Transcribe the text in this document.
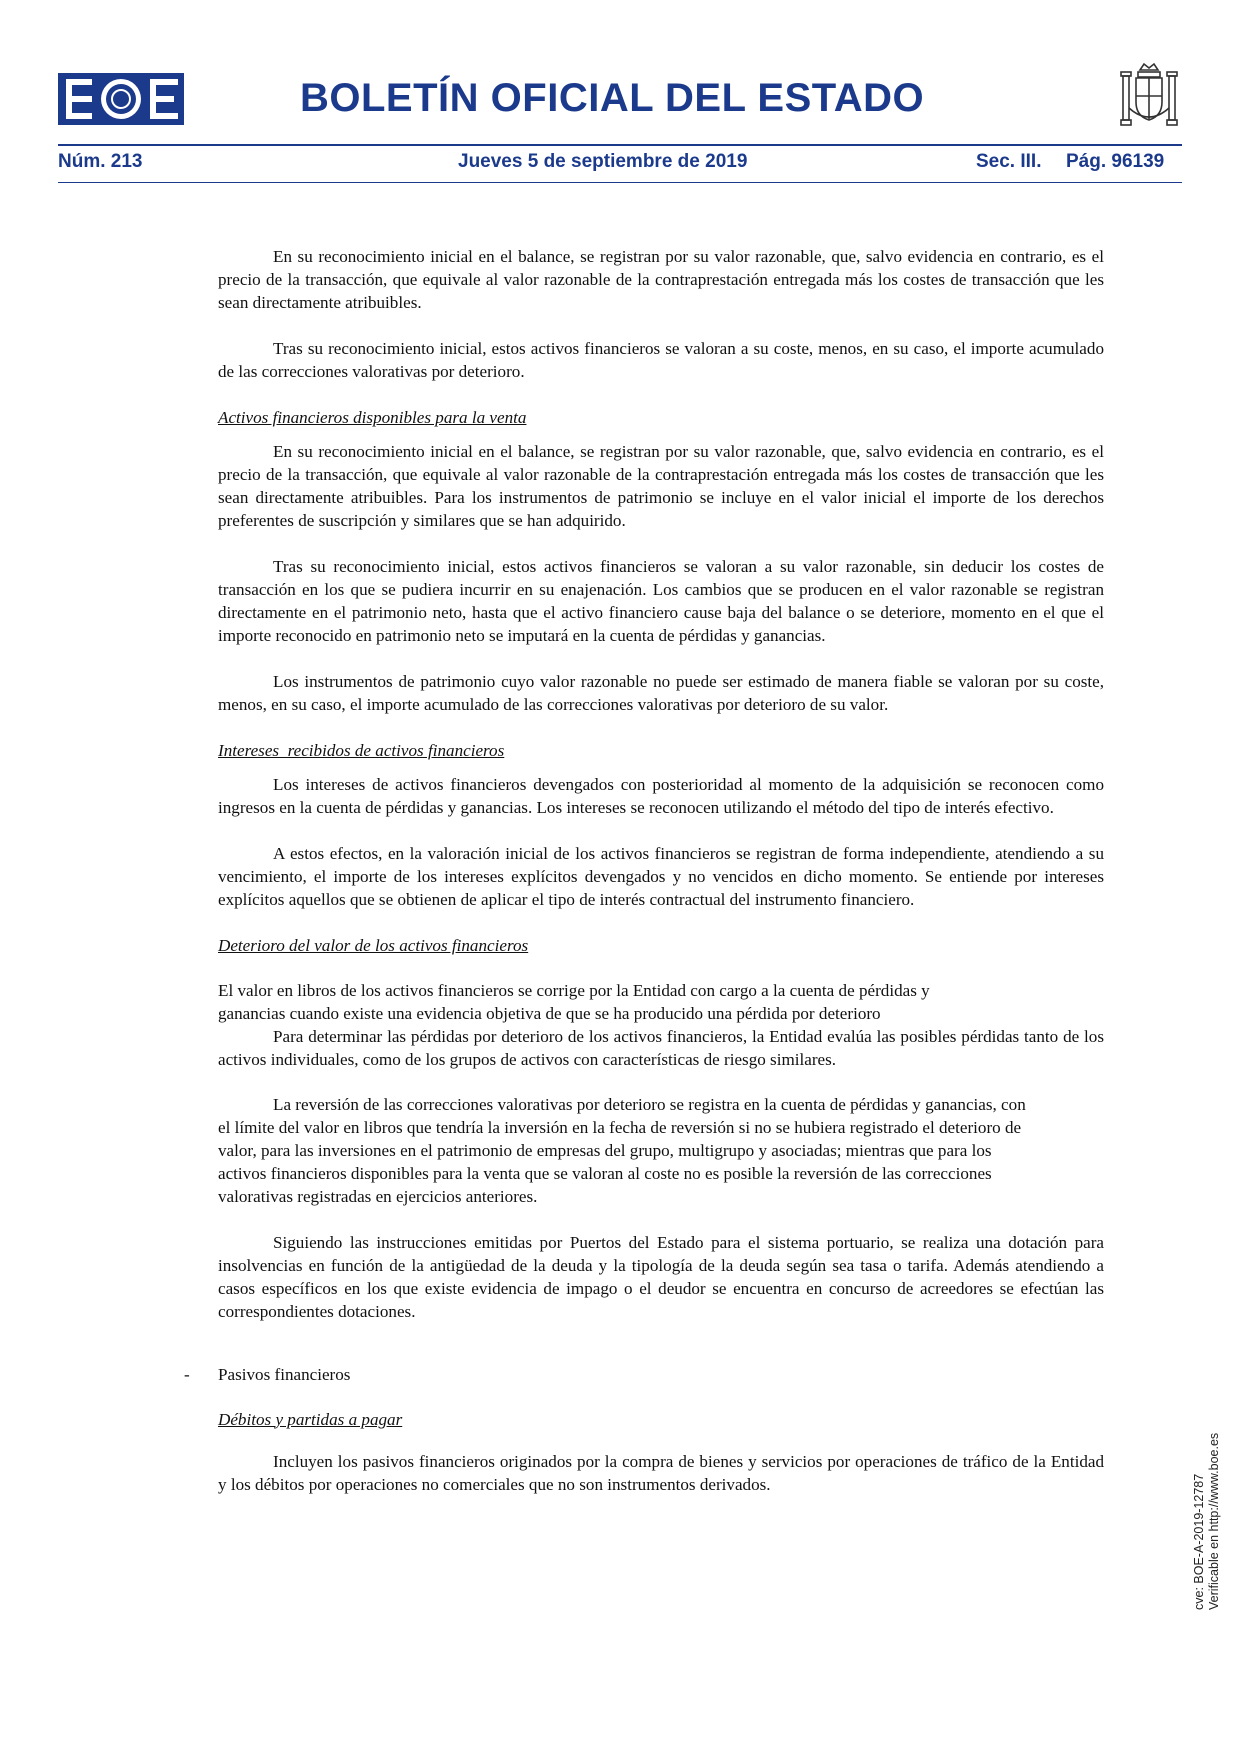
BOLETÍN OFICIAL DEL ESTADO
Núm. 213	Jueves 5 de septiembre de 2019	Sec. III. Pág. 96139

En su reconocimiento inicial en el balance, se registran por su valor razonable, que, salvo evidencia en contrario, es el precio de la transacción, que equivale al valor razonable de la contraprestación entregada más los costes de transacción que les sean directamente atribuibles.

Tras su reconocimiento inicial, estos activos financieros se valoran a su coste, menos, en su caso, el importe acumulado de las correcciones valorativas por deterioro.

Activos financieros disponibles para la venta

En su reconocimiento inicial en el balance, se registran por su valor razonable, que, salvo evidencia en contrario, es el precio de la transacción, que equivale al valor razonable de la contraprestación entregada más los costes de transacción que les sean directamente atribuibles. Para los instrumentos de patrimonio se incluye en el valor inicial el importe de los derechos preferentes de suscripción y similares que se han adquirido.

Tras su reconocimiento inicial, estos activos financieros se valoran a su valor razonable, sin deducir los costes de transacción en los que se pudiera incurrir en su enajenación. Los cambios que se producen en el valor razonable se registran directamente en el patrimonio neto, hasta que el activo financiero cause baja del balance o se deteriore, momento en el que el importe reconocido en patrimonio neto se imputará en la cuenta de pérdidas y ganancias.

Los instrumentos de patrimonio cuyo valor razonable no puede ser estimado de manera fiable se valoran por su coste, menos, en su caso, el importe acumulado de las correcciones valorativas por deterioro de su valor.

Intereses  recibidos de activos financieros

Los intereses de activos financieros devengados con posterioridad al momento de la adquisición se reconocen como ingresos en la cuenta de pérdidas y ganancias. Los intereses se reconocen utilizando el método del tipo de interés efectivo.

A estos efectos, en la valoración inicial de los activos financieros se registran de forma independiente, atendiendo a su vencimiento, el importe de los intereses explícitos devengados y no vencidos en dicho momento. Se entiende por intereses explícitos aquellos que se obtienen de aplicar el tipo de interés contractual del instrumento financiero.

Deterioro del valor de los activos financieros

El valor en libros de los activos financieros se corrige por la Entidad con cargo a la cuenta de pérdidas y ganancias cuando existe una evidencia objetiva de que se ha producido una pérdida por deterioro

Para determinar las pérdidas por deterioro de los activos financieros, la Entidad evalúa las posibles pérdidas tanto de los activos individuales, como de los grupos de activos con características de riesgo similares.

La reversión de las correcciones valorativas por deterioro se registra en la cuenta de pérdidas y ganancias, con el límite del valor en libros que tendría la inversión en la fecha de reversión si no se hubiera registrado el deterioro de valor, para las inversiones en el patrimonio de empresas del grupo, multigrupo y asociadas; mientras que para los activos financieros disponibles para la venta que se valoran al coste no es posible la reversión de las correcciones valorativas registradas en ejercicios anteriores.

Siguiendo las instrucciones emitidas por Puertos del Estado para el sistema portuario, se realiza una dotación para insolvencias en función de la antigüedad de la deuda y la tipología de la deuda según sea tasa o tarifa. Además atendiendo a casos específicos en los que existe evidencia de impago o el deudor se encuentra en concurso de acreedores se efectúan las correspondientes dotaciones.

- Pasivos financieros

Débitos y partidas a pagar

Incluyen los pasivos financieros originados por la compra de bienes y servicios por operaciones de tráfico de la Entidad y los débitos por operaciones no comerciales que no son instrumentos derivados.	cve: BOE-A-2019-12787 Verificable en http://www.boe.es
